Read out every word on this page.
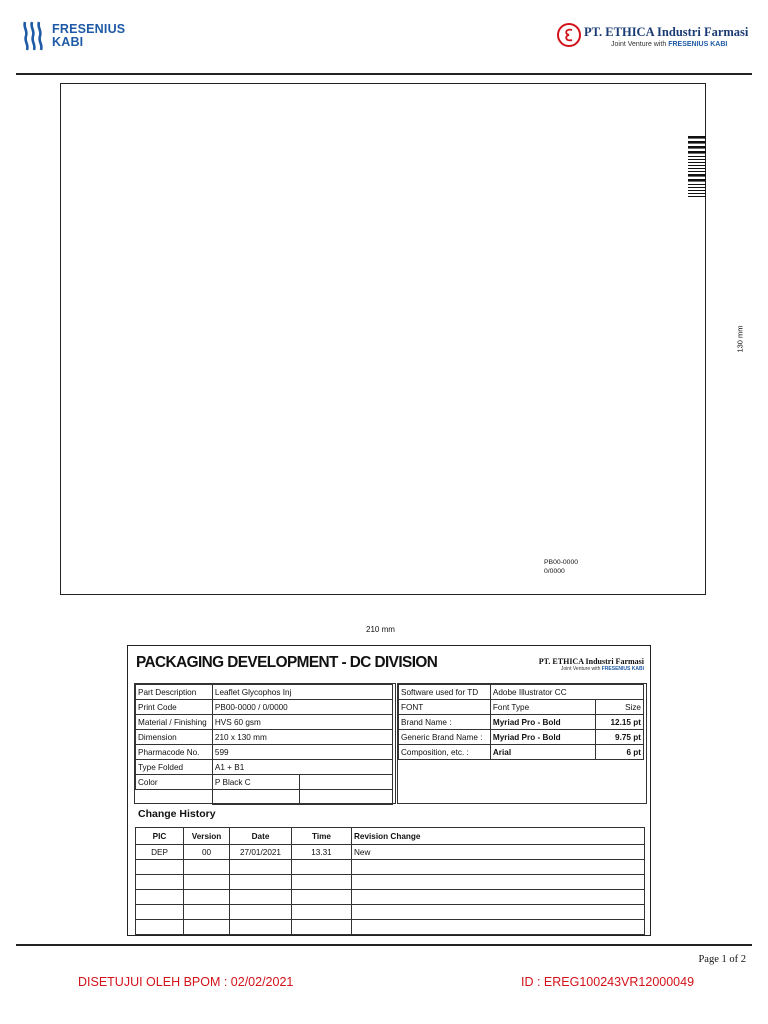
FRESENIUS
KABI
PT. ETHICA Industri Farmasi
Joint Venture with FRESENIUS KABI
130 mm
PB00-0000
0/0000
210 mm
PACKAGING DEVELOPMENT - DC DIVISION	PT. ETHICA Industri Farmasi
Joint Venture with FRESENIUS KABI
Part Description	Leaflet Glycophos Inj	
Print Code	PB00-0000 / 0/0000	
Material / Finishing	HVS 60 gsm	
Dimension	210 x 130 mm	
Pharmacode No.	599	
Type Folded	A1 + B1	
Color	P Black C	

Software used for TD	Adobe Illustrator CC	
FONT	Font Type	Size
Brand Name :	Myriad Pro - Bold	12.15 pt
Generic Brand Name :	Myriad Pro - Bold	9.75 pt
Composition, etc. :	Arial	6 pt
Change History
PIC	Version	Date	Time	Revision Change
DEP	00	27/01/2021	13.31	New

Page 1 of 2
DISETUJUI OLEH BPOM : 02/02/2021	ID : EREG100243VR12000049
